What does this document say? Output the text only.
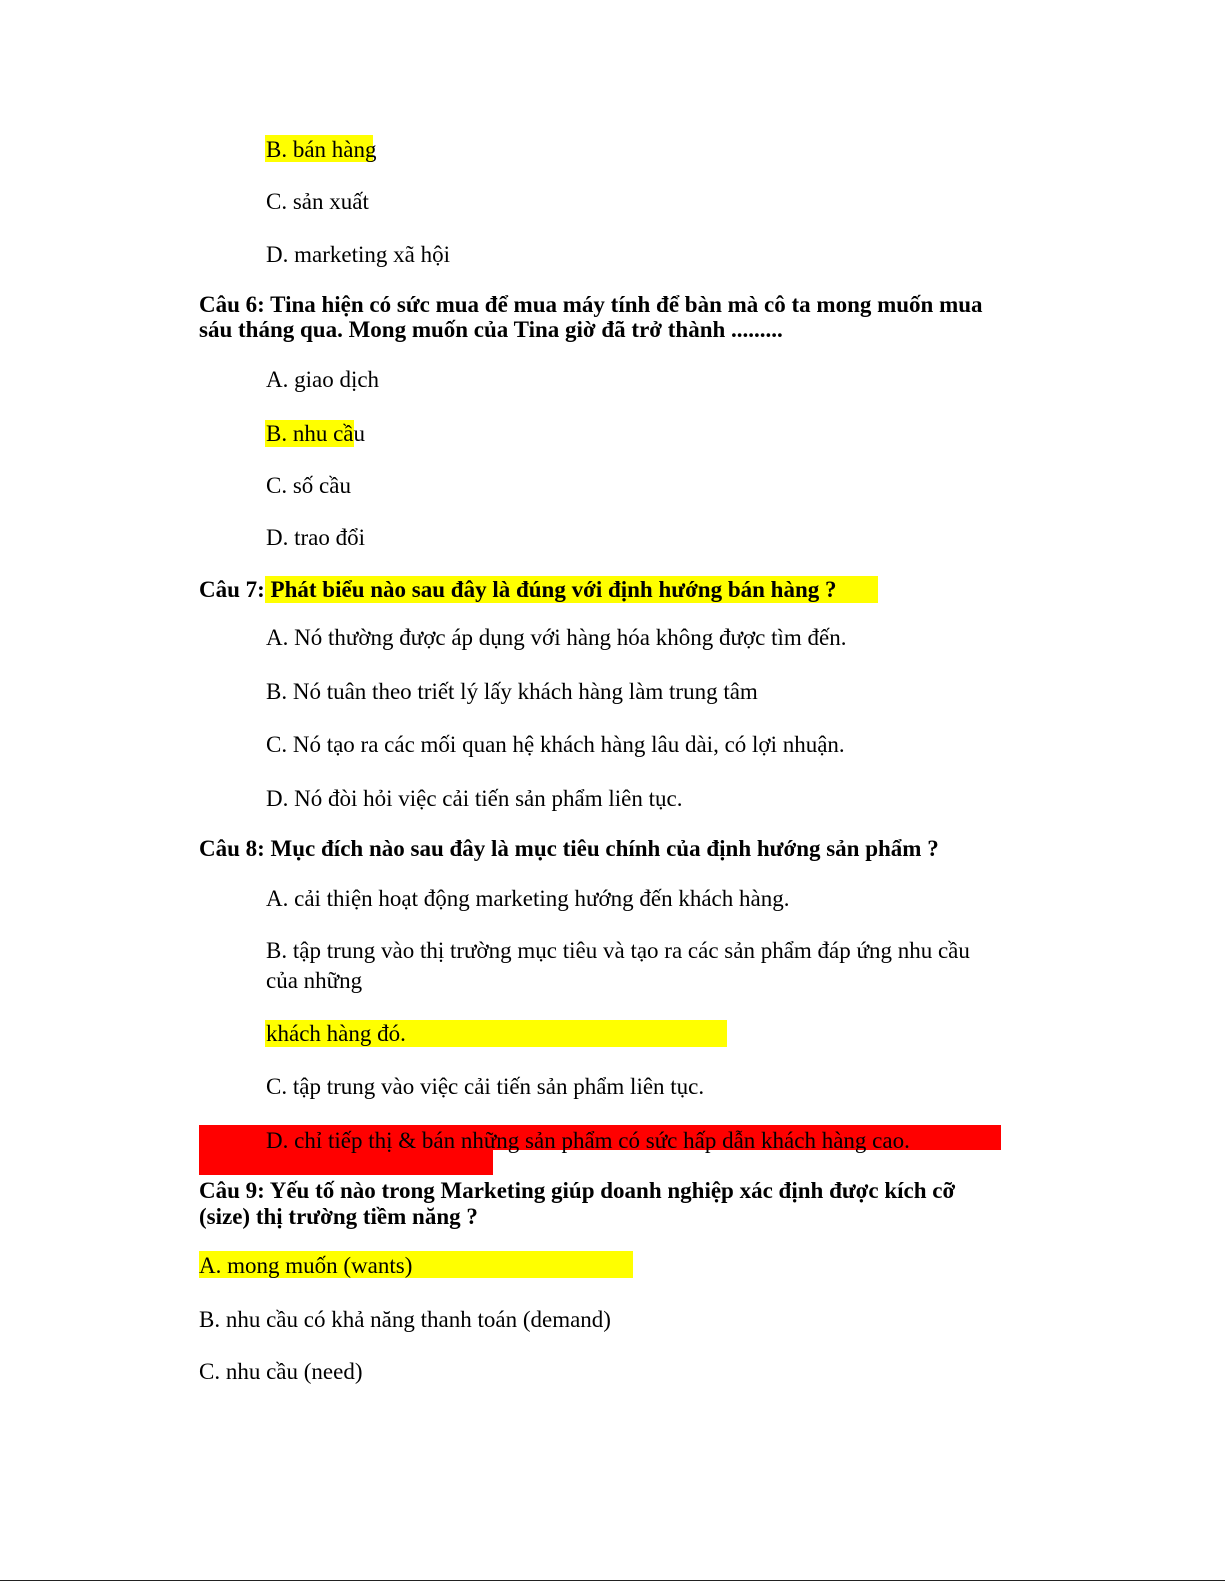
B. bán hàng
C. sản xuất
D. marketing xã hội
Câu 6: Tina hiện có sức mua để mua máy tính để bàn mà cô ta mong muốn mua
sáu tháng qua. Mong muốn của Tina giờ đã trở thành .........
A. giao dịch
B. nhu cầu
C. số cầu
D. trao đổi
Câu 7: Phát biểu nào sau đây là đúng với định hướng bán hàng ?
A. Nó thường được áp dụng với hàng hóa không được tìm đến.
B. Nó tuân theo triết lý lấy khách hàng làm trung tâm
C. Nó tạo ra các mối quan hệ khách hàng lâu dài, có lợi nhuận.
D. Nó đòi hỏi việc cải tiến sản phẩm liên tục.
Câu 8: Mục đích nào sau đây là mục tiêu chính của định hướng sản phẩm ?
A. cải thiện hoạt động marketing hướng đến khách hàng.
B. tập trung vào thị trường mục tiêu và tạo ra các sản phẩm đáp ứng nhu cầu
của những
khách hàng đó.
C. tập trung vào việc cải tiến sản phẩm liên tục.
D. chỉ tiếp thị & bán những sản phẩm có sức hấp dẫn khách hàng cao.
Câu 9: Yếu tố nào trong Marketing giúp doanh nghiệp xác định được kích cỡ
(size) thị trường tiềm năng ?
A. mong muốn (wants)
B. nhu cầu có khả năng thanh toán (demand)
C. nhu cầu (need)
